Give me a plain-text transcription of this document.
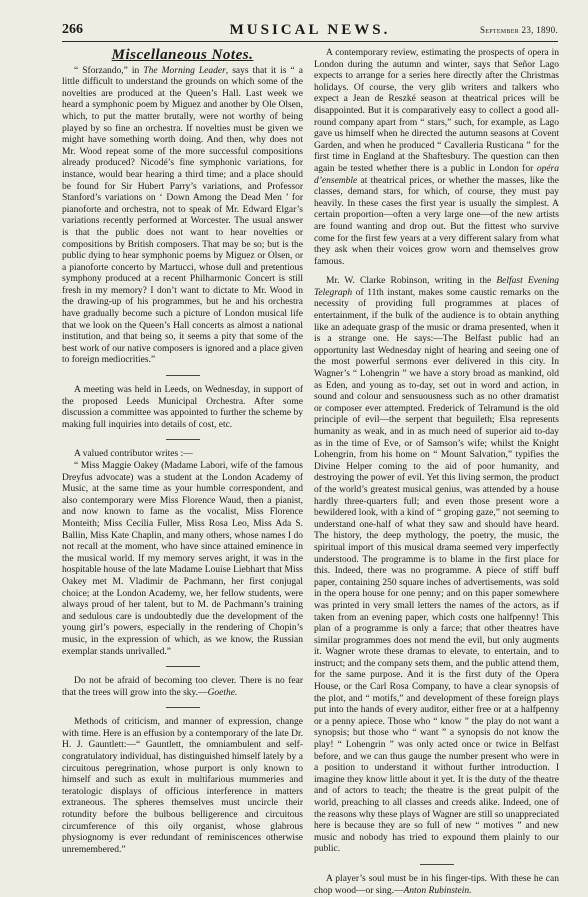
266	MUSICAL NEWS.	September 23, 1890.
Miscellaneous Notes.

“ Sforzando,” in The Morning Leader, says that it is “ a little difficult to understand the grounds on which some of the novelties are produced at the Queen’s Hall. Last week we heard a symphonic poem by Miguez and another by Ole Olsen, which, to put the matter brutally, were not worthy of being played by so fine an orchestra. If novelties must be given we might have something worth doing. And then, why does not Mr. Wood repeat some of the more successful compositions already produced? Nicodé’s fine symphonic variations, for instance, would bear hearing a third time; and a place should be found for Sir Hubert Parry’s variations, and Professor Stanford’s variations on ‘ Down Among the Dead Men ’ for pianoforte and orchestra, not to speak of Mr. Edward Elgar’s variations recently performed at Worcester. The usual answer is that the public does not want to hear novelties or compositions by British composers. That may be so; but is the public dying to hear symphonic poems by Miguez or Olsen, or a pianoforte concerto by Martucci, whose dull and pretentious symphony produced at a recent Philharmonic Concert is still fresh in my memory? I don’t want to dictate to Mr. Wood in the drawing-up of his programmes, but he and his orchestra have gradually become such a picture of London musical life that we look on the Queen’s Hall concerts as almost a national institution, and that being so, it seems a pity that some of the best work of our native composers is ignored and a place given to foreign mediocrities.”

A meeting was held in Leeds, on Wednesday, in support of the proposed Leeds Municipal Orchestra. After some discussion a committee was appointed to further the scheme by making full inquiries into details of cost, etc.

A valued contributor writes :—

“ Miss Maggie Oakey (Madame Labori, wife of the famous Dreyfus advocate) was a student at the London Academy of Music, at the same time as your humble correspondent, and also contemporary were Miss Florence Waud, then a pianist, and now known to fame as the vocalist, Miss Florence Monteith; Miss Cecilia Fuller, Miss Rosa Leo, Miss Ada S. Ballin, Miss Kate Chaplin, and many others, whose names I do not recall at the moment, who have since attained eminence in the musical world. If my memory serves aright, it was in the hospitable house of the late Madame Louise Liebhart that Miss Oakey met M. Vladimir de Pachmann, her first conjugal choice; at the London Academy, we, her fellow students, were always proud of her talent, but to M. de Pachmann’s training and sedulous care is undoubtedly due the development of the young girl’s powers, especially in the rendering of Chopin’s music, in the expression of which, as we know, the Russian exemplar stands unrivalled.”

Do not be afraid of becoming too clever. There is no fear that the trees will grow into the sky.—Goethe.

Methods of criticism, and manner of expression, change with time. Here is an effusion by a contemporary of the late Dr. H. J. Gauntlett:—“ Gauntlett, the omniambulent and self-congratulatory individual, has distinguished himself lately by a circuitous peregrination, whose purport is only known to himself and such as exult in multifarious mummeries and teratologic displays of officious interference in matters extraneous. The spheres themselves must uncircle their rotundity before the bulbous belligerence and circuitous circumference of this oily organist, whose glabrous physiognomy is ever redundant of reminiscences otherwise unremembered.”

A contemporary review, estimating the prospects of opera in London during the autumn and winter, says that Señor Lago expects to arrange for a series here directly after the Christmas holidays. Of course, the very glib writers and talkers who expect a Jean de Reszké season at theatrical prices will be disappointed. But it is comparatively easy to collect a good all-round company apart from “ stars,” such, for example, as Lago gave us himself when he directed the autumn seasons at Covent Garden, and when he produced “ Cavalleria Rusticana ” for the first time in England at the Shaftesbury. The question can then again be tested whether there is a public in London for opéra d’ensemble at theatrical prices, or whether the masses, like the classes, demand stars, for which, of course, they must pay heavily. In these cases the first year is usually the simplest. A certain proportion—often a very large one—of the new artists are found wanting and drop out. But the fittest who survive come for the first few years at a very different salary from what they ask when their voices grow worn and themselves grow famous.

Mr. W. Clarke Robinson, writing in the Belfast Evening Telegraph of 11th instant, makes some caustic remarks on the necessity of providing full programmes at places of entertainment, if the bulk of the audience is to obtain anything like an adequate grasp of the music or drama presented, when it is a strange one. He says:—The Belfast public had an opportunity last Wednesday night of hearing and seeing one of the most powerful sermons ever delivered in this city. In Wagner’s “ Lohengrin ” we have a story broad as mankind, old as Eden, and young as to-day, set out in word and action, in sound and colour and sensuousness such as no other dramatist or composer ever attempted. Frederick of Telramund is the old principle of evil—the serpent that beguileth; Elsa represents humanity as weak, and in as much need of superior aid to-day as in the time of Eve, or of Samson’s wife; whilst the Knight Lohengrin, from his home on “ Mount Salvation,” typifies the Divine Helper coming to the aid of poor humanity, and destroying the power of evil. Yet this living sermon, the product of the world’s greatest musical genius, was attended by a house hardly three-quarters full; and even those present wore a bewildered look, with a kind of “ groping gaze,” not seeming to understand one-half of what they saw and should have heard. The history, the deep mythology, the poetry, the music, the spiritual import of this musical drama seemed very imperfectly understood. The programme is to blame in the first place for this. Indeed, there was no programme. A piece of stiff buff paper, containing 250 square inches of advertisements, was sold in the opera house for one penny; and on this paper somewhere was printed in very small letters the names of the actors, as if taken from an evening paper, which costs one halfpenny! This plan of a programme is only a farce; that other theatres have similar programmes does not mend the evil, but only augments it. Wagner wrote these dramas to elevate, to entertain, and to instruct; and the company sets them, and the public attend them, for the same purpose. And it is the first duty of the Opera House, or the Carl Rosa Company, to have a clear synopsis of the plot, and “ motifs,” and development of these foreign plays put into the hands of every auditor, either free or at a halfpenny or a penny apiece. Those who “ know ” the play do not want a synopsis; but those who “ want ” a synopsis do not know the play! “ Lohengrin ” was only acted once or twice in Belfast before, and we can thus gauge the number present who were in a position to understand it without further introduction. I imagine they know little about it yet. It is the duty of the theatre and of actors to teach; the theatre is the great pulpit of the world, preaching to all classes and creeds alike. Indeed, one of the reasons why these plays of Wagner are still so unappreciated here is because they are so full of new “ motives ” and new music and nobody has tried to expound them plainly to our public.

A player’s soul must be in his finger-tips. With these he can chop wood—or sing.—Anton Rubinstein.
